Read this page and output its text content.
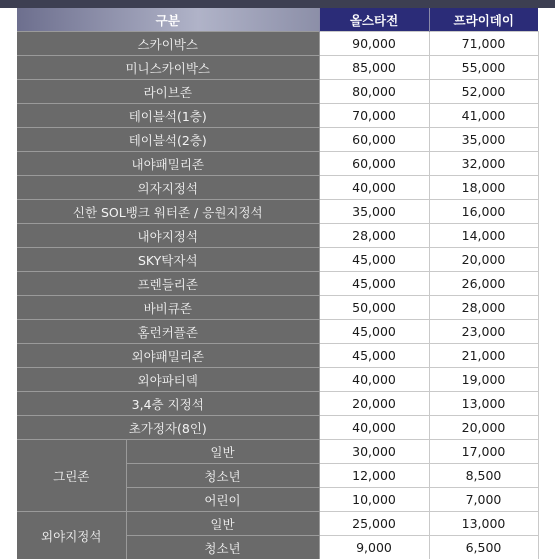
구분		올스타전	프라이데이
스카이박스		90,000	71,000
미니스카이박스		85,000	55,000
라이브존		80,000	52,000
테이블석(1층)		70,000	41,000
테이블석(2층)		60,000	35,000
내야패밀리존		60,000	32,000
의자지정석		40,000	18,000
신한 SOL뱅크 워터존 / 응원지정석		35,000	16,000
내야지정석		28,000	14,000
SKY탁자석		45,000	20,000
프렌들리존		45,000	26,000
바비큐존		50,000	28,000
홈런커플존		45,000	23,000
외야패밀리존		45,000	21,000
외야파티덱		40,000	19,000
3,4층 지정석		20,000	13,000
초가정자(8인)		40,000	20,000
그린존	일반	30,000	17,000
	청소년	12,000	8,500
	어린이	10,000	7,000
외야지정석	일반	25,000	13,000
	청소년	9,000	6,500
